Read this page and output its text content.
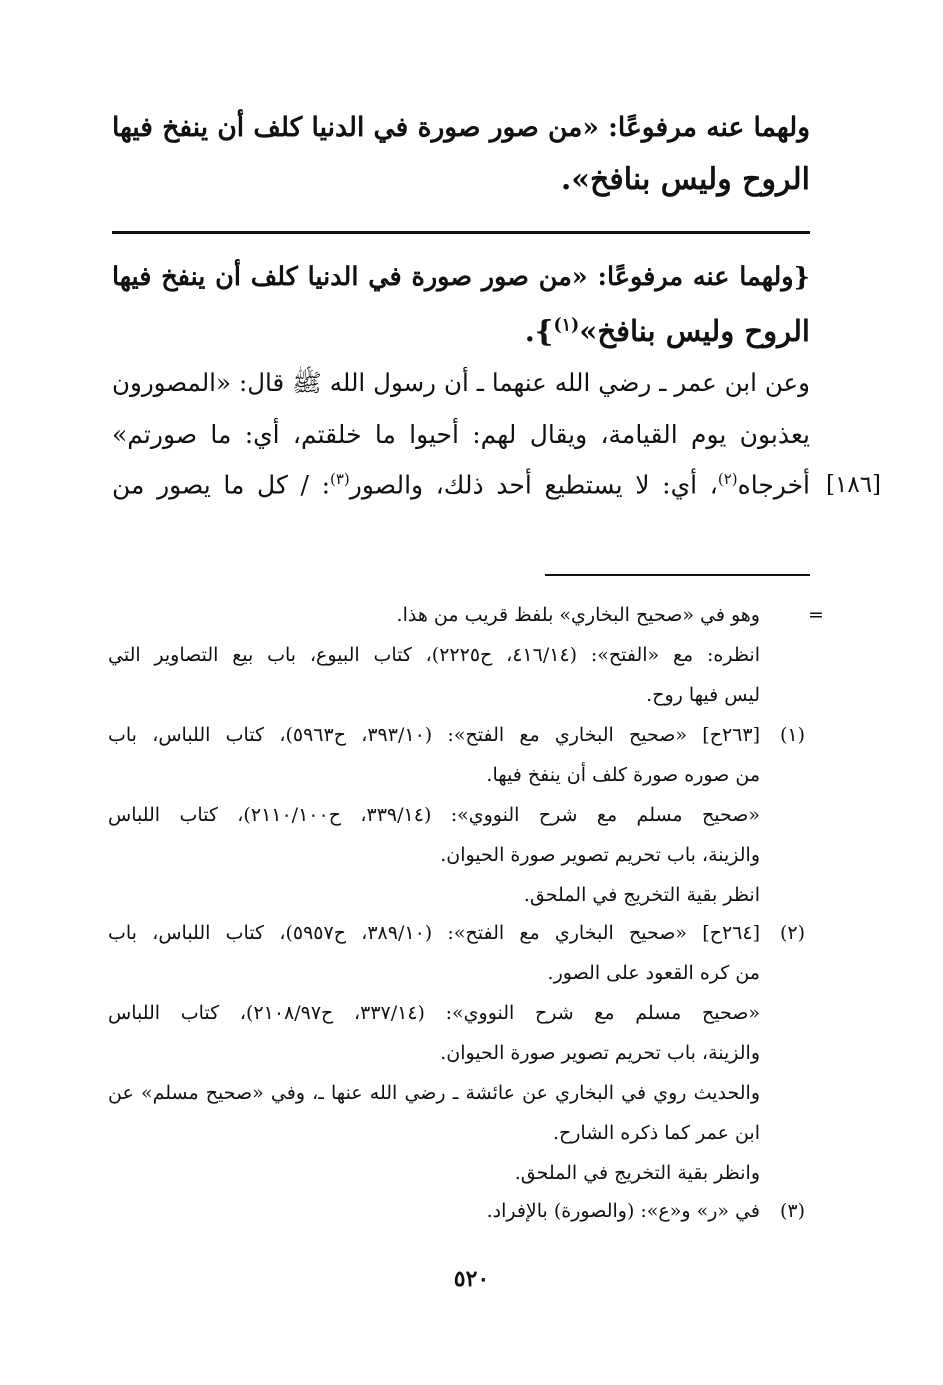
ولهما عنه مرفوعًا: «من صور صورة في الدنيا كلف أن ينفخ فيها
الروح وليس بنافخ».
{ولهما عنه مرفوعًا: «من صور صورة في الدنيا كلف أن ينفخ فيها
الروح وليس بنافخ»$^{(١)}$}.
وعن ابن عمر ـ رضي الله عنهما ـ أن رسول الله ﷺ قال: «المصورون
يعذبون يوم القيامة، ويقال لهم: أحيوا ما خلقتم، أي: ما صورتم»
أخرجاه$^{(٢)}$، أي: لا يستطيع أحد ذلك، والصور$^{(٣)}$: / كل ما يصور من	[١٨٦]
=
وهو في «صحيح البخاري» بلفظ قريب من هذا.
انظره: مع «الفتح»: (٤١٦/١٤، ح٢٢٢٥)، كتاب البيوع، باب بيع التصاوير التي
ليس فيها روح.
(١)
[٢٦٣ح] «صحيح البخاري مع الفتح»: (٣٩٣/١٠، ح٥٩٦٣)، كتاب اللباس، باب
من صوره صورة كلف أن ينفخ فيها.
«صحيح مسلم مع شرح النووي»: (٣٣٩/١٤، ح٢١١٠/١٠٠)، كتاب اللباس
والزينة، باب تحريم تصوير صورة الحيوان.
انظر بقية التخريج في الملحق.
(٢)
[٢٦٤ح] «صحيح البخاري مع الفتح»: (٣٨٩/١٠، ح٥٩٥٧)، كتاب اللباس، باب
من كره القعود على الصور.
«صحيح مسلم مع شرح النووي»: (٣٣٧/١٤، ح٢١٠٨/٩٧)، كتاب اللباس
والزينة، باب تحريم تصوير صورة الحيوان.
والحديث روي في البخاري عن عائشة ـ رضي الله عنها ـ، وفي «صحيح مسلم» عن
ابن عمر كما ذكره الشارح.
وانظر بقية التخريج في الملحق.
(٣)
في «ر» و«ع»: (والصورة) بالإفراد.
٥٢٠
